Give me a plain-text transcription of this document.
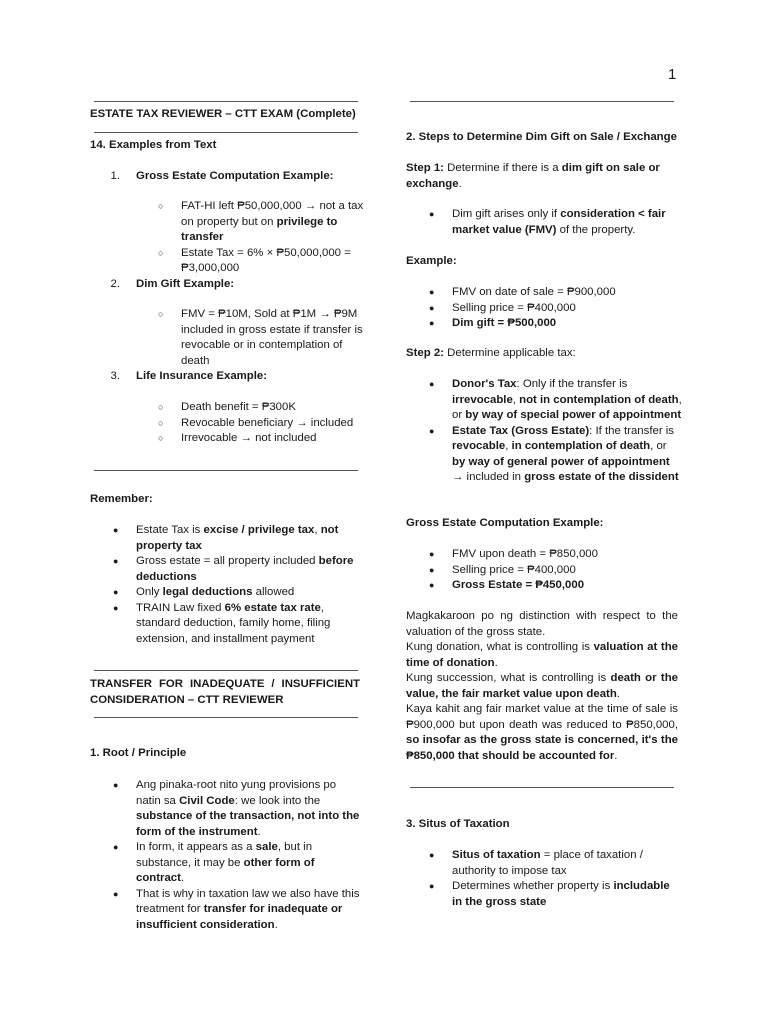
1

ESTATE TAX REVIEWER – CTT EXAM (Complete)

14. Examples from Text

1. Gross Estate Computation Example:
○ FAT-HI left ₱50,000,000 → not a tax on property but on privilege to transfer
○ Estate Tax = 6% × ₱50,000,000 = ₱3,000,000
2. Dim Gift Example:
○ FMV = ₱10M, Sold at ₱1M → ₱9M included in gross estate if transfer is revocable or in contemplation of death
3. Life Insurance Example:
○ Death benefit = ₱300K
○ Revocable beneficiary → included
○ Irrevocable → not included

Remember:

● Estate Tax is excise / privilege tax, not property tax
● Gross estate = all property included before deductions
● Only legal deductions allowed
● TRAIN Law fixed 6% estate tax rate, standard deduction, family home, filing extension, and installment payment

TRANSFER FOR INADEQUATE / INSUFFICIENT CONSIDERATION – CTT REVIEWER

1. Root / Principle

● Ang pinaka-root nito yung provisions po natin sa Civil Code: we look into the substance of the transaction, not into the form of the instrument.
● In form, it appears as a sale, but in substance, it may be other form of contract.
● That is why in taxation law we also have this treatment for transfer for inadequate or insufficient consideration.

2. Steps to Determine Dim Gift on Sale / Exchange

Step 1: Determine if there is a dim gift on sale or exchange.

● Dim gift arises only if consideration < fair market value (FMV) of the property.

Example:

● FMV on date of sale = ₱900,000
● Selling price = ₱400,000
● Dim gift = ₱500,000

Step 2: Determine applicable tax:

● Donor's Tax: Only if the transfer is irrevocable, not in contemplation of death, or by way of special power of appointment
● Estate Tax (Gross Estate): If the transfer is revocable, in contemplation of death, or by way of general power of appointment → included in gross estate of the dissident

Gross Estate Computation Example:

● FMV upon death = ₱850,000
● Selling price = ₱400,000
● Gross Estate = ₱450,000

Magkakaroon po ng distinction with respect to the valuation of the gross state.

Kung donation, what is controlling is valuation at the time of donation.

Kung succession, what is controlling is death or the value, the fair market value upon death.

Kaya kahit ang fair market value at the time of sale is ₱900,000 but upon death was reduced to ₱850,000, so insofar as the gross state is concerned, it's the ₱850,000 that should be accounted for.

3. Situs of Taxation

● Situs of taxation = place of taxation / authority to impose tax
● Determines whether property is includable in the gross state
